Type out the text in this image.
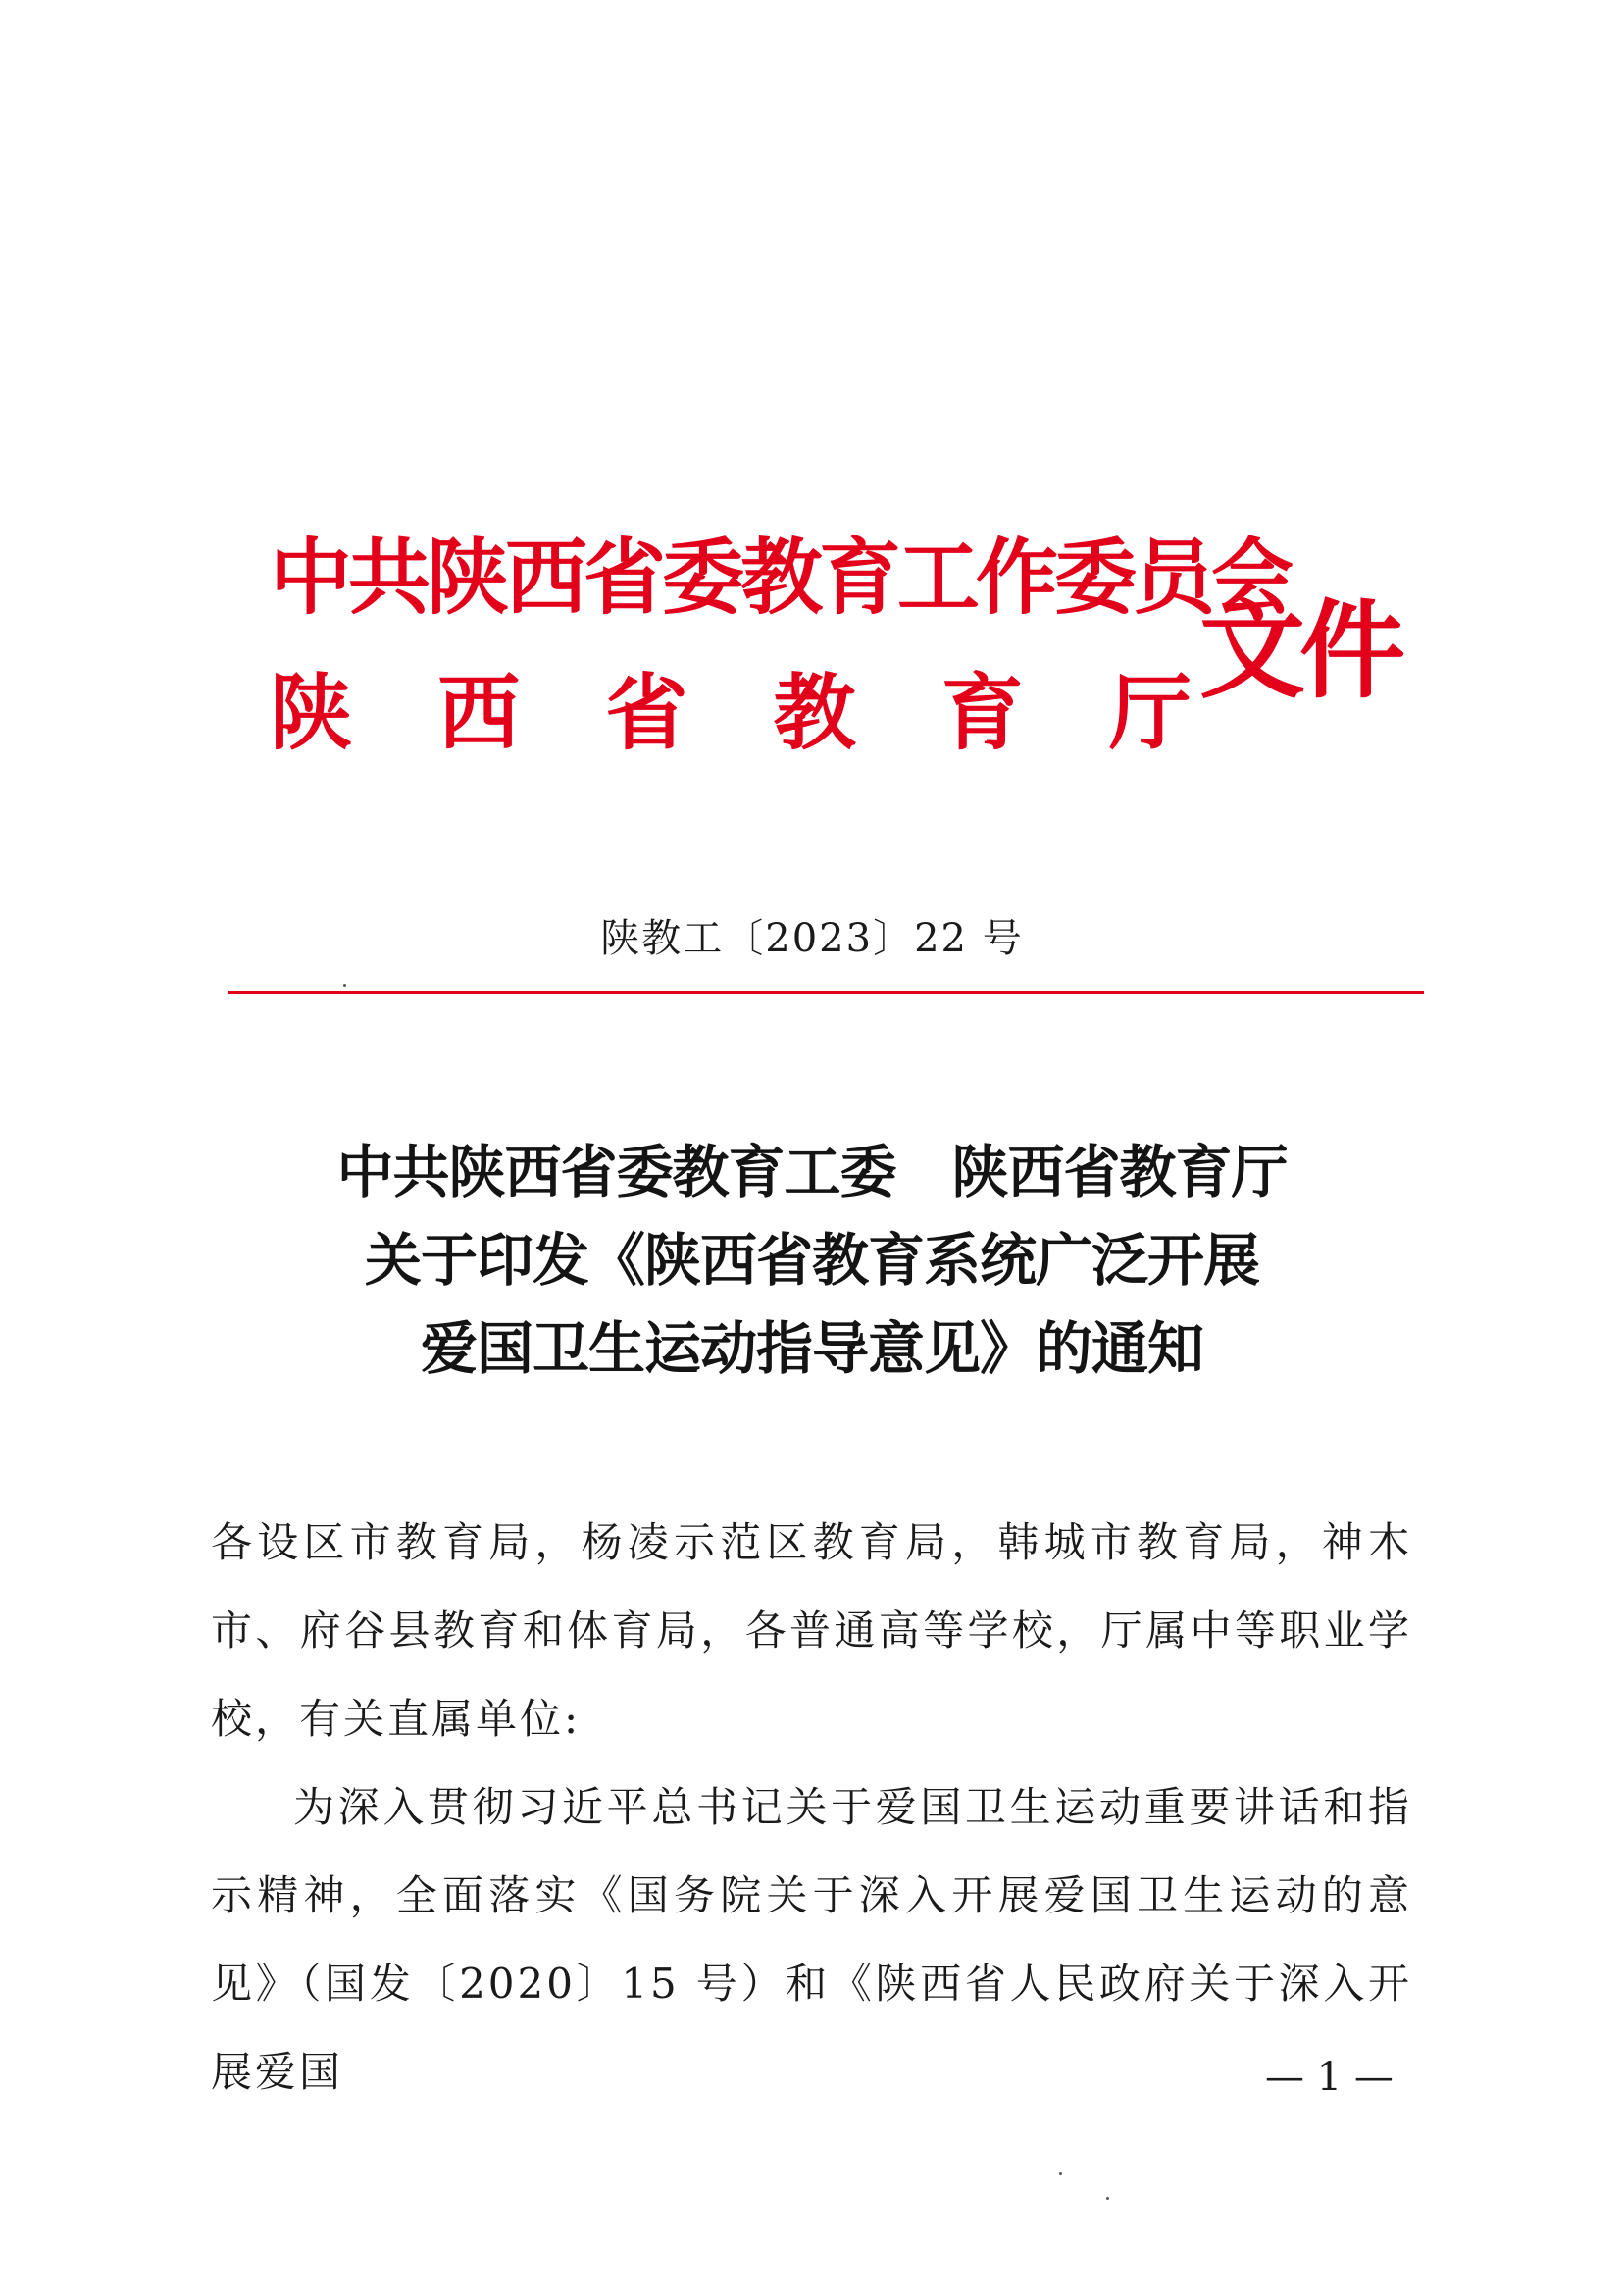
中共陕西省委教育工作委员会
陕 西 省 教 育 厅 文件
陕教工〔2023〕22 号
中共陕西省委教育工委　陕西省教育厅
关于印发《陕西省教育系统广泛开展
爱国卫生运动指导意见》的通知

各设区市教育局，杨凌示范区教育局，韩城市教育局，神木市、府谷县教育和体育局，各普通高等学校，厅属中等职业学校，有关直属单位:

为深入贯彻习近平总书记关于爱国卫生运动重要讲话和指示精神，全面落实《国务院关于深入开展爱国卫生运动的意见》（国发〔2020〕15 号）和《陕西省人民政府关于深入开展爱国	— 1 —
